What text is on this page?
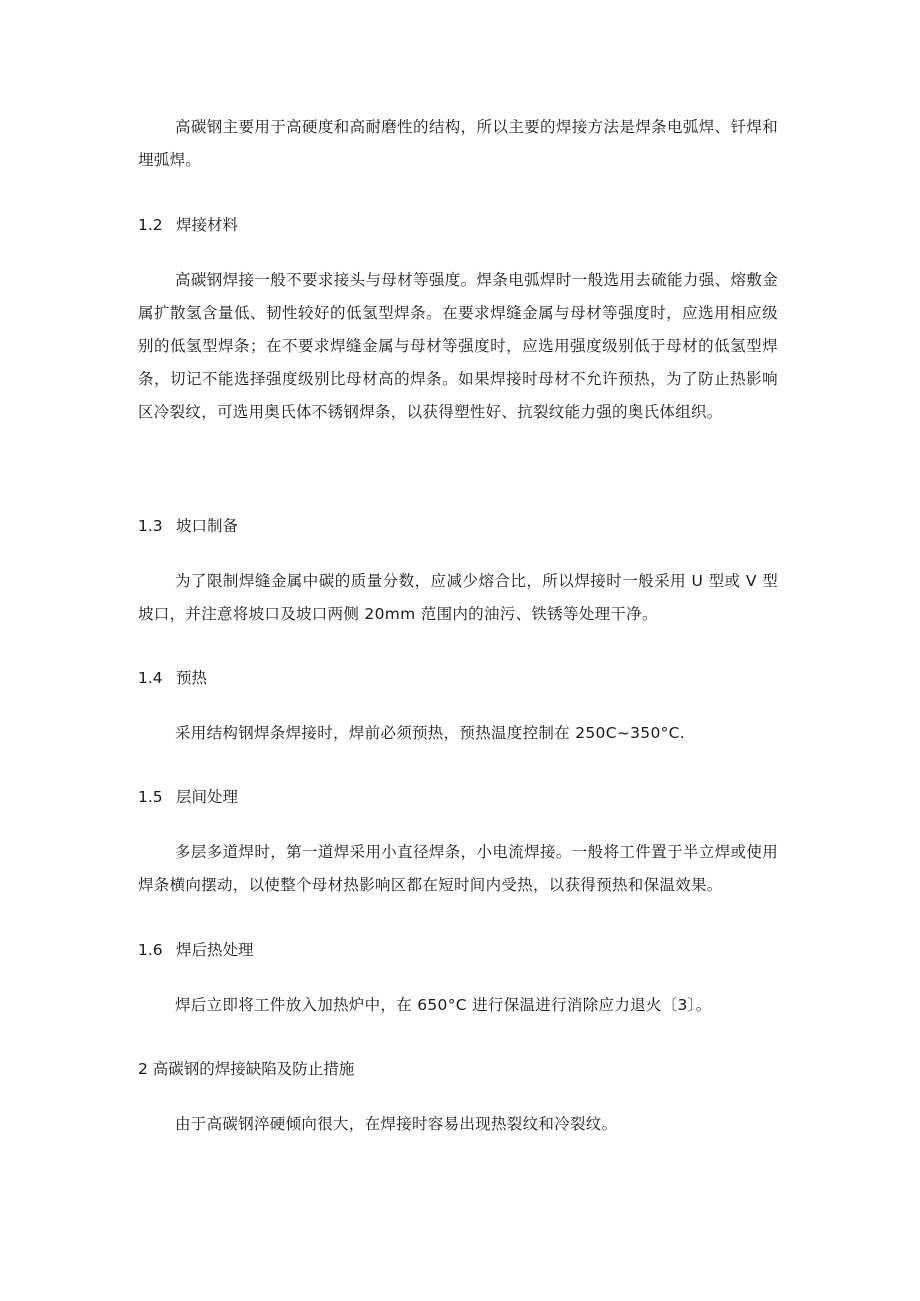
高碳钢主要用于高硬度和高耐磨性的结构，所以主要的焊接方法是焊条电弧焊、钎焊和埋弧焊。

1.2 焊接材料

高碳钢焊接一般不要求接头与母材等强度。焊条电弧焊时一般选用去硫能力强、熔敷金属扩散氢含量低、韧性较好的低氢型焊条。在要求焊缝金属与母材等强度时，应选用相应级别的低氢型焊条；在不要求焊缝金属与母材等强度时，应选用强度级别低于母材的低氢型焊条，切记不能选择强度级别比母材高的焊条。如果焊接时母材不允许预热，为了防止热影响区冷裂纹，可选用奥氏体不锈钢焊条，以获得塑性好、抗裂纹能力强的奥氏体组织。

1.3 坡口制备

为了限制焊缝金属中碳的质量分数，应减少熔合比，所以焊接时一般采用 U 型或 V 型坡口，并注意将坡口及坡口两侧 20mm 范围内的油污、铁锈等处理干净。

1.4 预热

采用结构钢焊条焊接时，焊前必须预热，预热温度控制在 250C~350°C.

1.5 层间处理

多层多道焊时，第一道焊采用小直径焊条，小电流焊接。一般将工件置于半立焊或使用焊条横向摆动，以使整个母材热影响区都在短时间内受热，以获得预热和保温效果。

1.6 焊后热处理

焊后立即将工件放入加热炉中，在 650°C 进行保温进行消除应力退火〔3〕。

2 高碳钢的焊接缺陷及防止措施

由于高碳钢淬硬倾向很大，在焊接时容易出现热裂纹和冷裂纹。
